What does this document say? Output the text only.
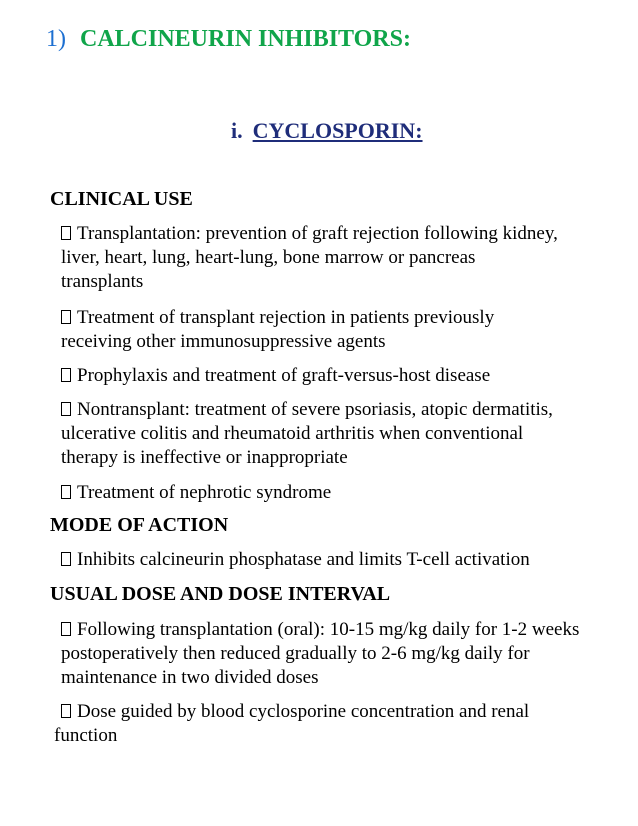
1) CALCINEURIN INHIBITORS:
i. CYCLOSPORIN:
CLINICAL USE
Transplantation: prevention of graft rejection following kidney,
liver, heart, lung, heart-lung, bone marrow or pancreas
transplants
Treatment of transplant rejection in patients previously
receiving other immunosuppressive agents
Prophylaxis and treatment of graft-versus-host disease
Nontransplant: treatment of severe psoriasis, atopic dermatitis,
ulcerative colitis and rheumatoid arthritis when conventional
therapy is ineffective or inappropriate
Treatment of nephrotic syndrome
MODE OF ACTION
Inhibits calcineurin phosphatase and limits T-cell activation
USUAL DOSE AND DOSE INTERVAL
Following transplantation (oral): 10-15 mg/kg daily for 1-2 weeks
postoperatively then reduced gradually to 2-6 mg/kg daily for
maintenance in two divided doses
Dose guided by blood cyclosporine concentration and renal
function
